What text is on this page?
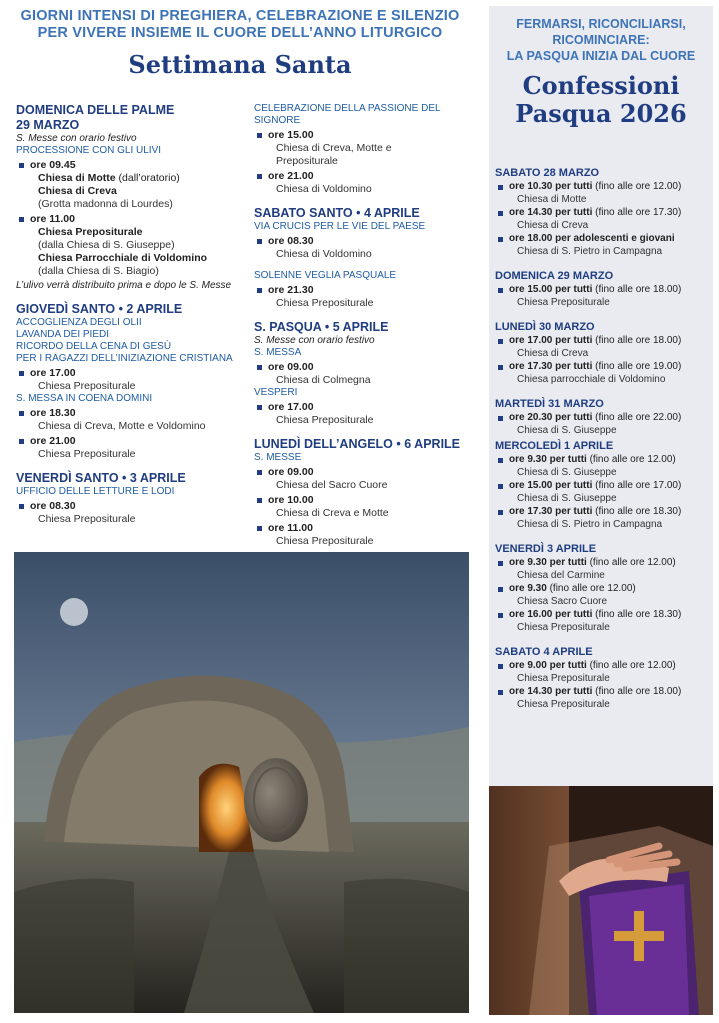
GIORNI INTENSI DI PREGHIERA, CELEBRAZIONE E SILENZIO
PER VIVERE INSIEME IL CUORE DELL’ANNO LITURGICO
Settimana Santa
DOMENICA DELLE PALME
29 MARZO
S. Messe con orario festivo
PROCESSIONE CON GLI ULIVI
ore 09.45
Chiesa di Motte (dall’oratorio)
Chiesa di Creva
(Grotta madonna di Lourdes)
ore 11.00
Chiesa Prepositurale
(dalla Chiesa di S. Giuseppe)
Chiesa Parrocchiale di Voldomino
(dalla Chiesa di S. Biagio)
L’ulivo verrà distribuito prima e dopo le S. Messe
GIOVEDÌ SANTO • 2 APRILE
ACCOGLIENZA DEGLI OLII
LAVANDA DEI PIEDI
RICORDO DELLA CENA DI GESÙ
PER I RAGAZZI DELL’INIZIAZIONE CRISTIANA
ore 17.00
Chiesa Prepositurale
S. MESSA IN COENA DOMINI
ore 18.30
Chiesa di Creva, Motte e Voldomino
ore 21.00
Chiesa Prepositurale
VENERDÌ SANTO • 3 APRILE
UFFICIO DELLE LETTURE E LODI
ore 08.30
Chiesa Prepositurale
CELEBRAZIONE DELLA PASSIONE DEL SIGNORE
ore 15.00
Chiesa di Creva, Motte e
Prepositurale
ore 21.00
Chiesa di Voldomino
SABATO SANTO • 4 APRILE
VIA CRUCIS PER LE VIE DEL PAESE
ore 08.30
Chiesa di Voldomino
SOLENNE VEGLIA PASQUALE
ore 21.30
Chiesa Prepositurale
S. PASQUA • 5 APRILE
S. Messe con orario festivo
S. MESSA
ore 09.00
Chiesa di Colmegna
VESPERI
ore 17.00
Chiesa Prepositurale
LUNEDÌ DELL’ANGELO • 6 APRILE
S. MESSE
ore 09.00
Chiesa del Sacro Cuore
ore 10.00
Chiesa di Creva e Motte
ore 11.00
Chiesa Prepositurale
FERMARSI, RICONCILIARSI,
RICOMINCIARE:
LA PASQUA INIZIA DAL CUORE
Confessioni
Pasqua 2026
SABATO 28 MARZO
ore 10.30 per tutti (fino alle ore 12.00)
Chiesa di Motte
ore 14.30 per tutti (fino alle ore 17.30)
Chiesa di Creva
ore 18.00 per adolescenti e giovani
Chiesa di S. Pietro in Campagna
DOMENICA 29 MARZO
ore 15.00 per tutti (fino alle ore 18.00)
Chiesa Prepositurale
LUNEDÌ 30 MARZO
ore 17.00 per tutti (fino alle ore 18.00)
Chiesa di Creva
ore 17.30 per tutti (fino alle ore 19.00)
Chiesa parrocchiale di Voldomino
MARTEDÌ 31 MARZO
ore 20.30 per tutti (fino alle ore 22.00)
Chiesa di S. Giuseppe
MERCOLEDÌ 1 APRILE
ore 9.30 per tutti (fino alle ore 12.00)
Chiesa di S. Giuseppe
ore 15.00 per tutti (fino alle ore 17.00)
Chiesa di S. Giuseppe
ore 17.30 per tutti (fino alle ore 18.30)
Chiesa di S. Pietro in Campagna
VENERDÌ 3 APRILE
ore 9.30 per tutti (fino alle ore 12.00)
Chiesa del Carmine
ore 9.30 (fino alle ore 12.00)
Chiesa Sacro Cuore
ore 16.00 per tutti (fino alle ore 18.30)
Chiesa Prepositurale
SABATO 4 APRILE
ore 9.00 per tutti (fino alle ore 12.00)
Chiesa Prepositurale
ore 14.30 per tutti (fino alle ore 18.00)
Chiesa Prepositurale
